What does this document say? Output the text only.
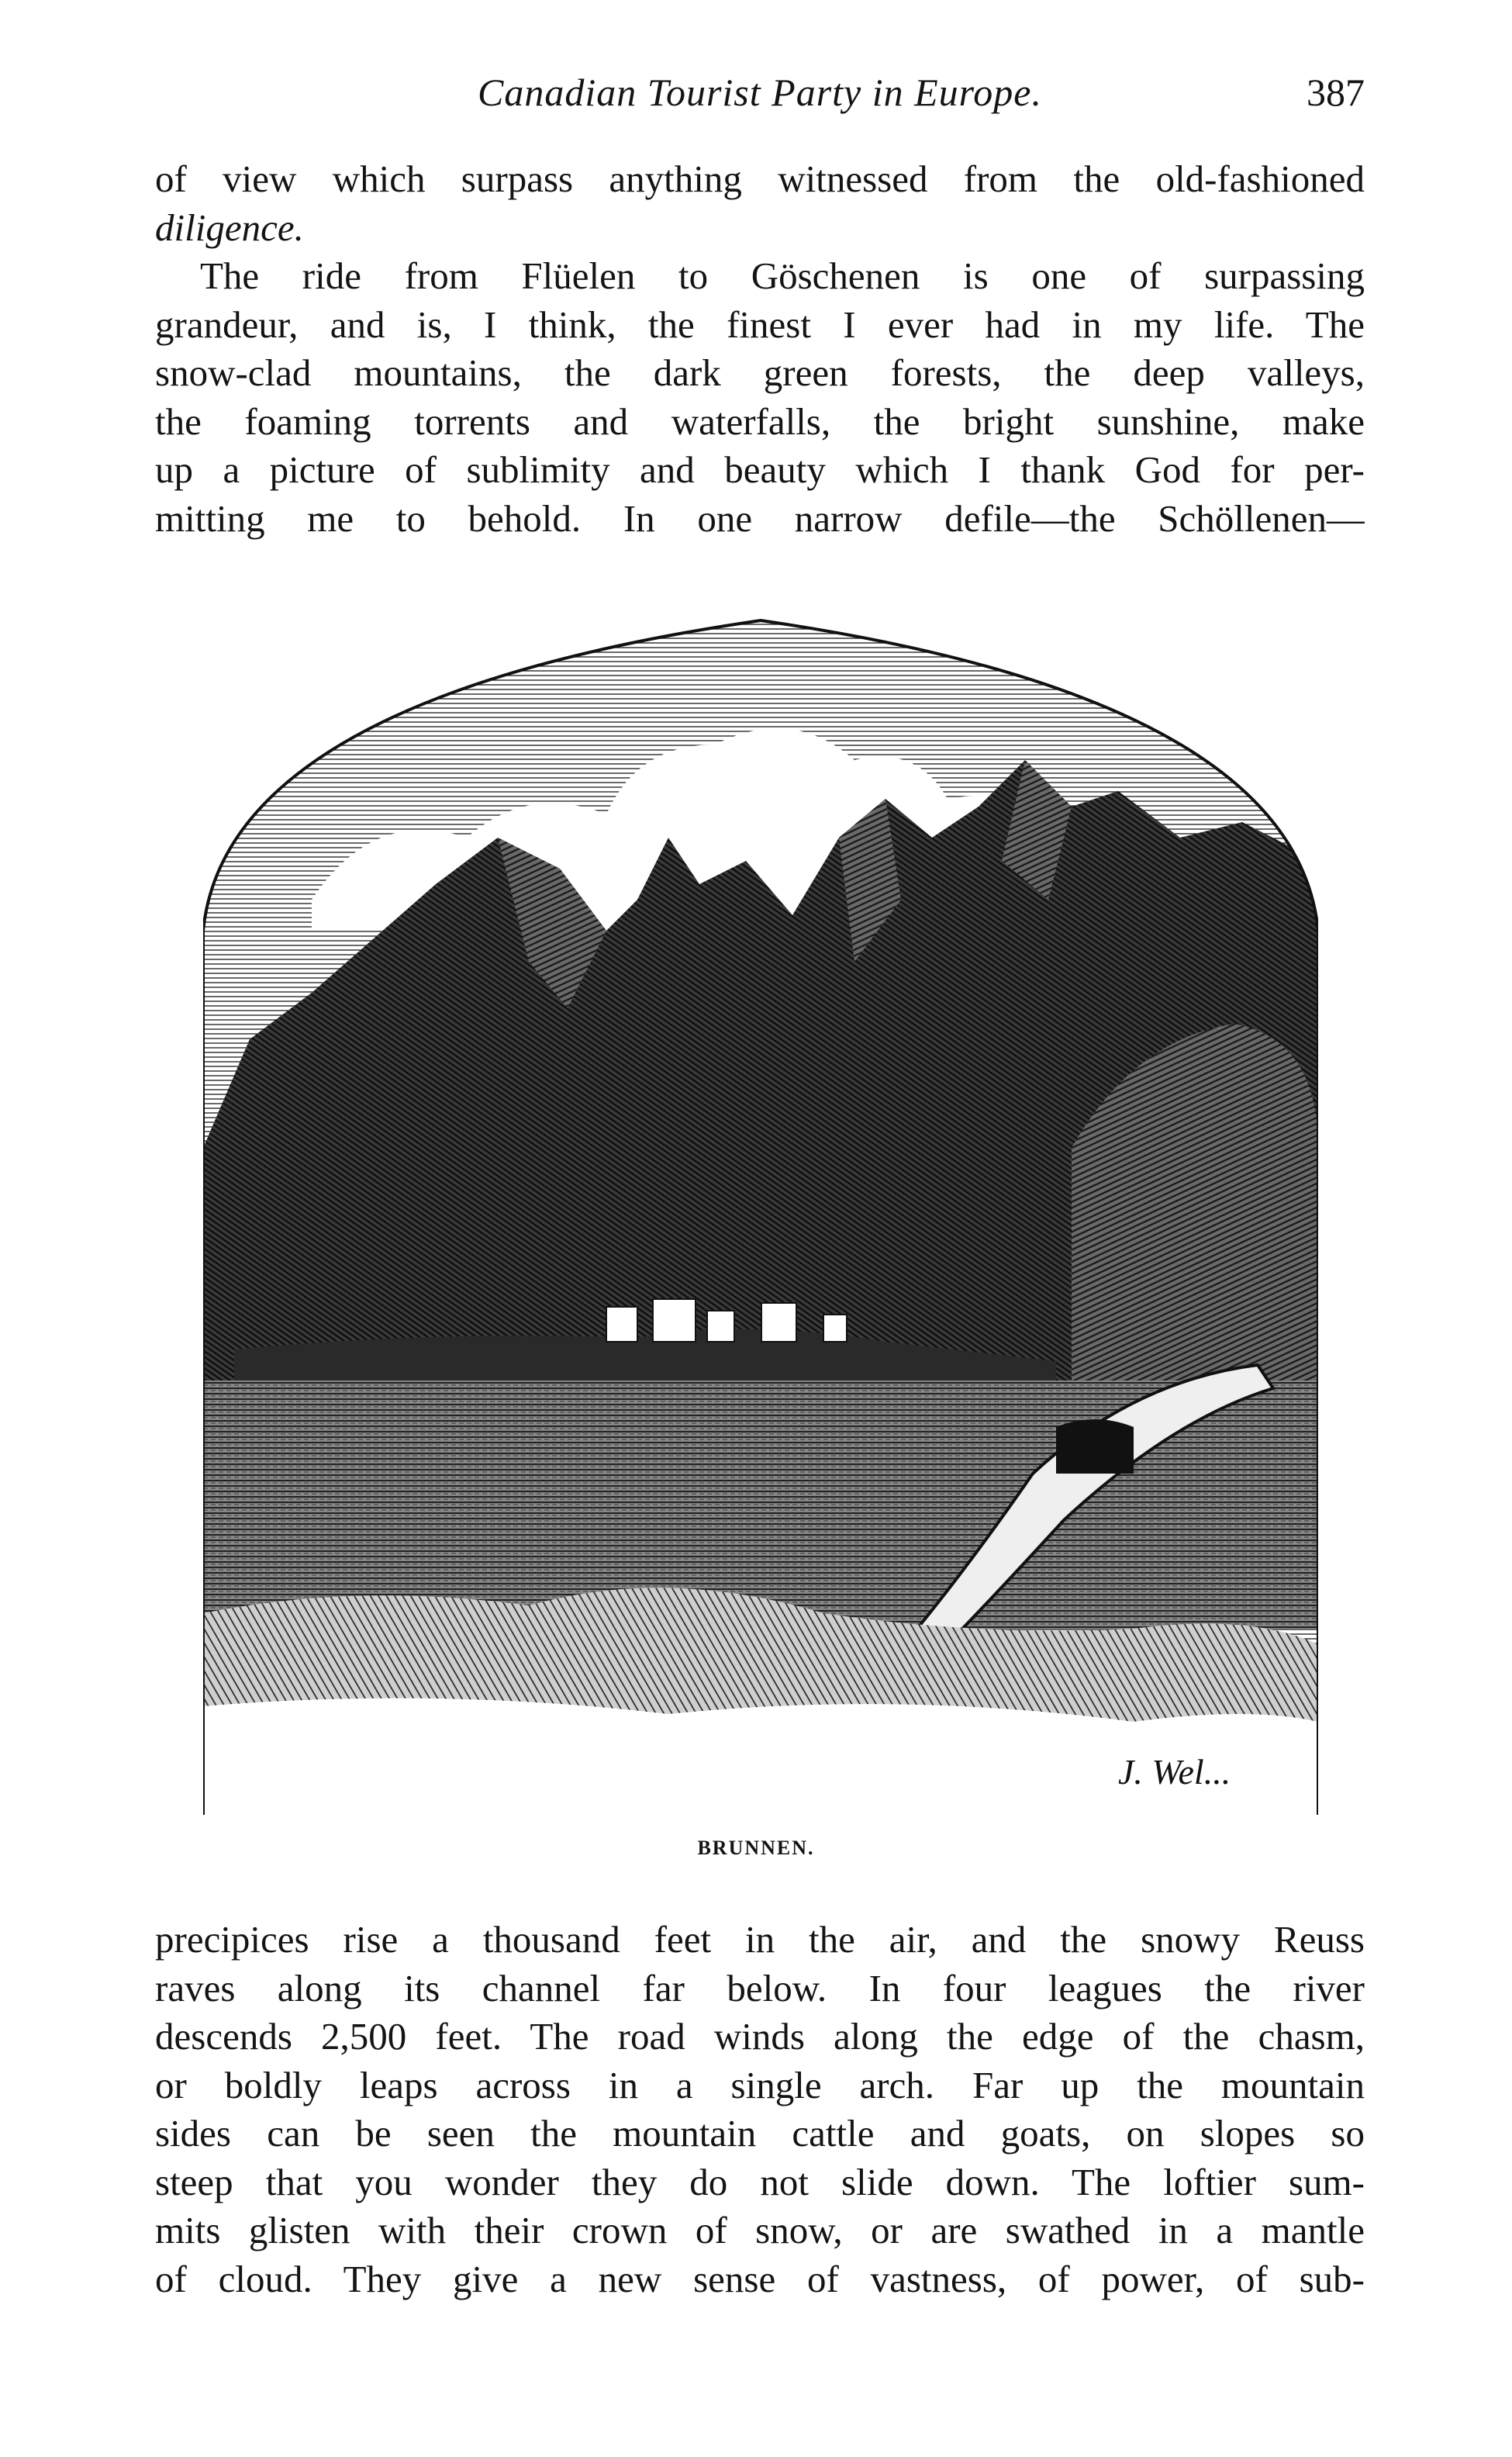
Canadian Tourist Party in Europe.	387
of view which surpass anything witnessed from the old-fashioned
diligence.
The ride from Flüelen to Göschenen is one of surpassing
grandeur, and is, I think, the finest I ever had in my life. The
snow-clad mountains, the dark green forests, the deep valleys,
the foaming torrents and waterfalls, the bright sunshine, make
up a picture of sublimity and beauty which I thank God for per-
mitting me to behold. In one narrow defile—the Schöllenen—
J. Wel...
BRUNNEN.
precipices rise a thousand feet in the air, and the snowy Reuss
raves along its channel far below. In four leagues the river
descends 2,500 feet. The road winds along the edge of the chasm,
or boldly leaps across in a single arch. Far up the mountain
sides can be seen the mountain cattle and goats, on slopes so
steep that you wonder they do not slide down. The loftier sum-
mits glisten with their crown of snow, or are swathed in a mantle
of cloud. They give a new sense of vastness, of power, of sub-
